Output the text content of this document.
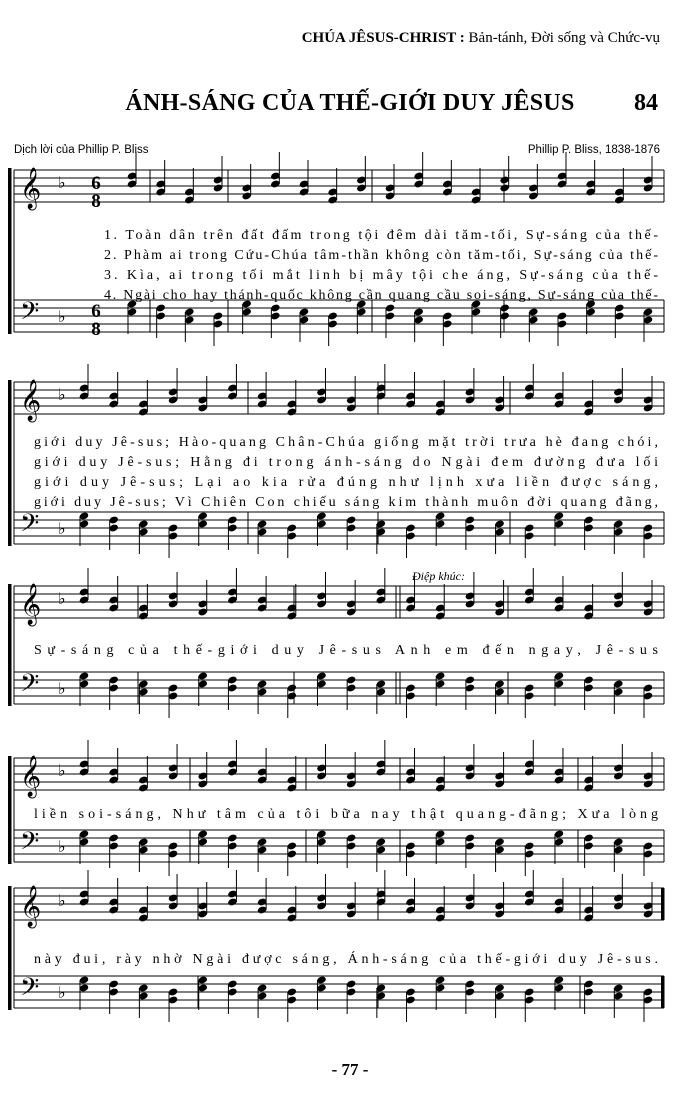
CHÚA JÊSUS-CHRIST : Bản-tánh, Đời sống và Chức-vụ
ÁNH-SÁNG CỦA THẾ-GIỚI DUY JÊSUS	84
Dịch lời của Phillip P. Bliss	Phillip P. Bliss, 1838-1876
𝄞
𝄢
♭
♭
𝄞
𝄢
♭
♭
𝄞
𝄢
♭
♭
𝄞
𝄢
♭
♭
𝄞
𝄢
♭
♭
1. Toàn dân trên đất đấm trong tội đêm dài tăm-tối, Sự-sáng của thế-
2. Phàm ai trong Cứu-Chúa tâm-thần không còn tăm-tối, Sự-sáng của thế-
3. Kìa, ai trong tối mắt linh bị mây tội che áng, Sự-sáng của thế-
4. Ngài cho hay thánh-quốc không cần quang cầu soi-sáng, Sự-sáng của thế-
giới duy Jê-sus; Hào-quang Chân-Chúa giống mặt trời trưa hè đang chói,
giới duy Jê-sus; Hằng đi trong ánh-sáng do Ngài đem đường đưa lối
giới duy Jê-sus; Lại ao kia rửa đúng như lịnh xưa liền được sáng,
giới duy Jê-sus; Vì Chiên Con chiếu sáng kim thành muôn đời quang đãng,
Sự-sáng của thế-giới duy Jê-sus Anh em đến ngay, Jê-sus
liền soi-sáng, Như tâm của tôi bữa nay thật quang-đãng; Xưa lòng
này đui, rày nhờ Ngài được sáng, Ánh-sáng của thế-giới duy Jê-sus.
Điệp khúc:
6
8
6
8
- 77 -
